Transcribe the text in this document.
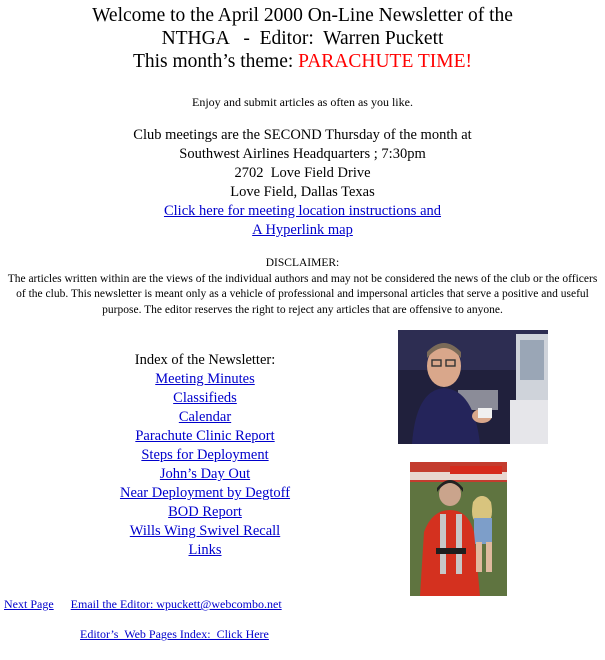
Welcome to the April 2000 On-Line Newsletter of the
NTHGA   -  Editor:  Warren Puckett
This month’s theme: PARACHUTE TIME!
Enjoy and submit articles as often as you like.
Club meetings are the SECOND Thursday of the month at
Southwest Airlines Headquarters ; 7:30pm
2702  Love Field Drive
Love Field, Dallas Texas
Click here for meeting location instructions and
A Hyperlink map
DISCLAIMER:
The articles written within are the views of the individual authors and may not be considered the news of the club or the officers of the club. This newsletter is meant only as a vehicle of professional and impersonal articles that serve a positive and useful purpose. The editor reserves the right to reject any articles that are offensive to anyone.
Index of the Newsletter:
Meeting Minutes
Classifieds
Calendar
Parachute Clinic Report
Steps for Deployment
John’s Day Out
Near Deployment by Degtoff
BOD Report
Wills Wing Swivel Recall
Links
Next Page Email the Editor: wpuckett@webcombo.net
Editor’s  Web Pages Index:  Click Here
